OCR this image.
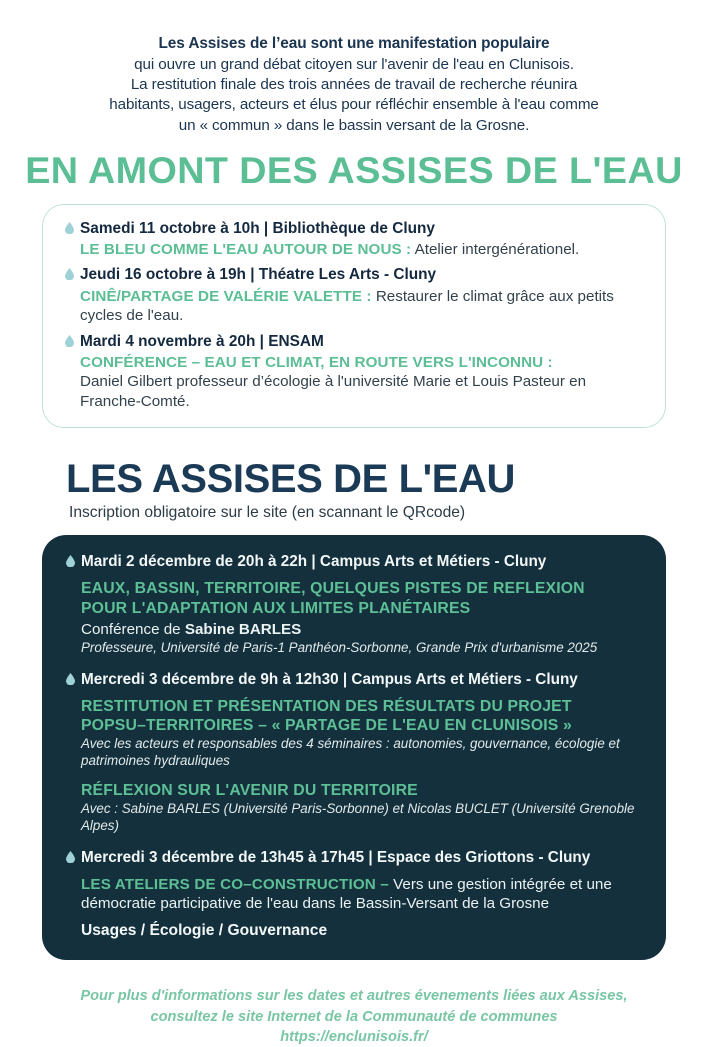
Les Assises de l’eau sont une manifestation populaire
qui ouvre un grand débat citoyen sur l'avenir de l'eau en Clunisois.
La restitution finale des trois années de travail de recherche réunira
habitants, usagers, acteurs et élus pour réfléchir ensemble à l'eau comme
un « commun » dans le bassin versant de la Grosne.
EN AMONT DES ASSISES DE L'EAU
Samedi 11 octobre à 10h | Bibliothèque de Cluny
LE BLEU COMME L'EAU AUTOUR DE NOUS : Atelier intergénérationel.
Jeudi 16 octobre à 19h | Théatre Les Arts - Cluny
CINÊ/PARTAGE DE VALÉRIE VALETTE : Restaurer le climat grâce aux petits cycles de l'eau.
Mardi 4 novembre à 20h | ENSAM
CONFÉRENCE – EAU ET CLIMAT, EN ROUTE VERS L'INCONNU :
Daniel Gilbert professeur d’écologie à l'université Marie et Louis Pasteur en Franche-Comté.
LES ASSISES DE L'EAU
Inscription obligatoire sur le site (en scannant le QRcode)
Mardi 2 décembre de 20h à 22h | Campus Arts et Métiers - Cluny
EAUX, BASSIN, TERRITOIRE, QUELQUES PISTES DE REFLEXION
POUR L'ADAPTATION AUX LIMITES PLANÉTAIRES
Conférence de Sabine BARLES
Professeure, Université de Paris-1 Panthéon-Sorbonne, Grande Prix d'urbanisme 2025
Mercredi 3 décembre de 9h à 12h30 | Campus Arts et Métiers - Cluny
RESTITUTION ET PRÉSENTATION DES RÉSULTATS DU PROJET
POPSU–TERRITOIRES – « PARTAGE DE L'EAU EN CLUNISOIS »
Avec les acteurs et responsables des 4 séminaires : autonomies, gouvernance, écologie et patrimoines hydrauliques
RÉFLEXION SUR L'AVENIR DU TERRITOIRE
Avec : Sabine BARLES (Université Paris-Sorbonne) et Nicolas BUCLET (Université Grenoble Alpes)
Mercredi 3 décembre de 13h45 à 17h45 | Espace des Griottons - Cluny
LES ATELIERS DE CO–CONSTRUCTION – Vers une gestion intégrée et une démocratie participative de l'eau dans le Bassin-Versant de la Grosne
Usages / Écologie / Gouvernance
Pour plus d'informations sur les dates et autres évenements liées aux Assises,
consultez le site Internet de la Communauté de communes
https://enclunisois.fr/
